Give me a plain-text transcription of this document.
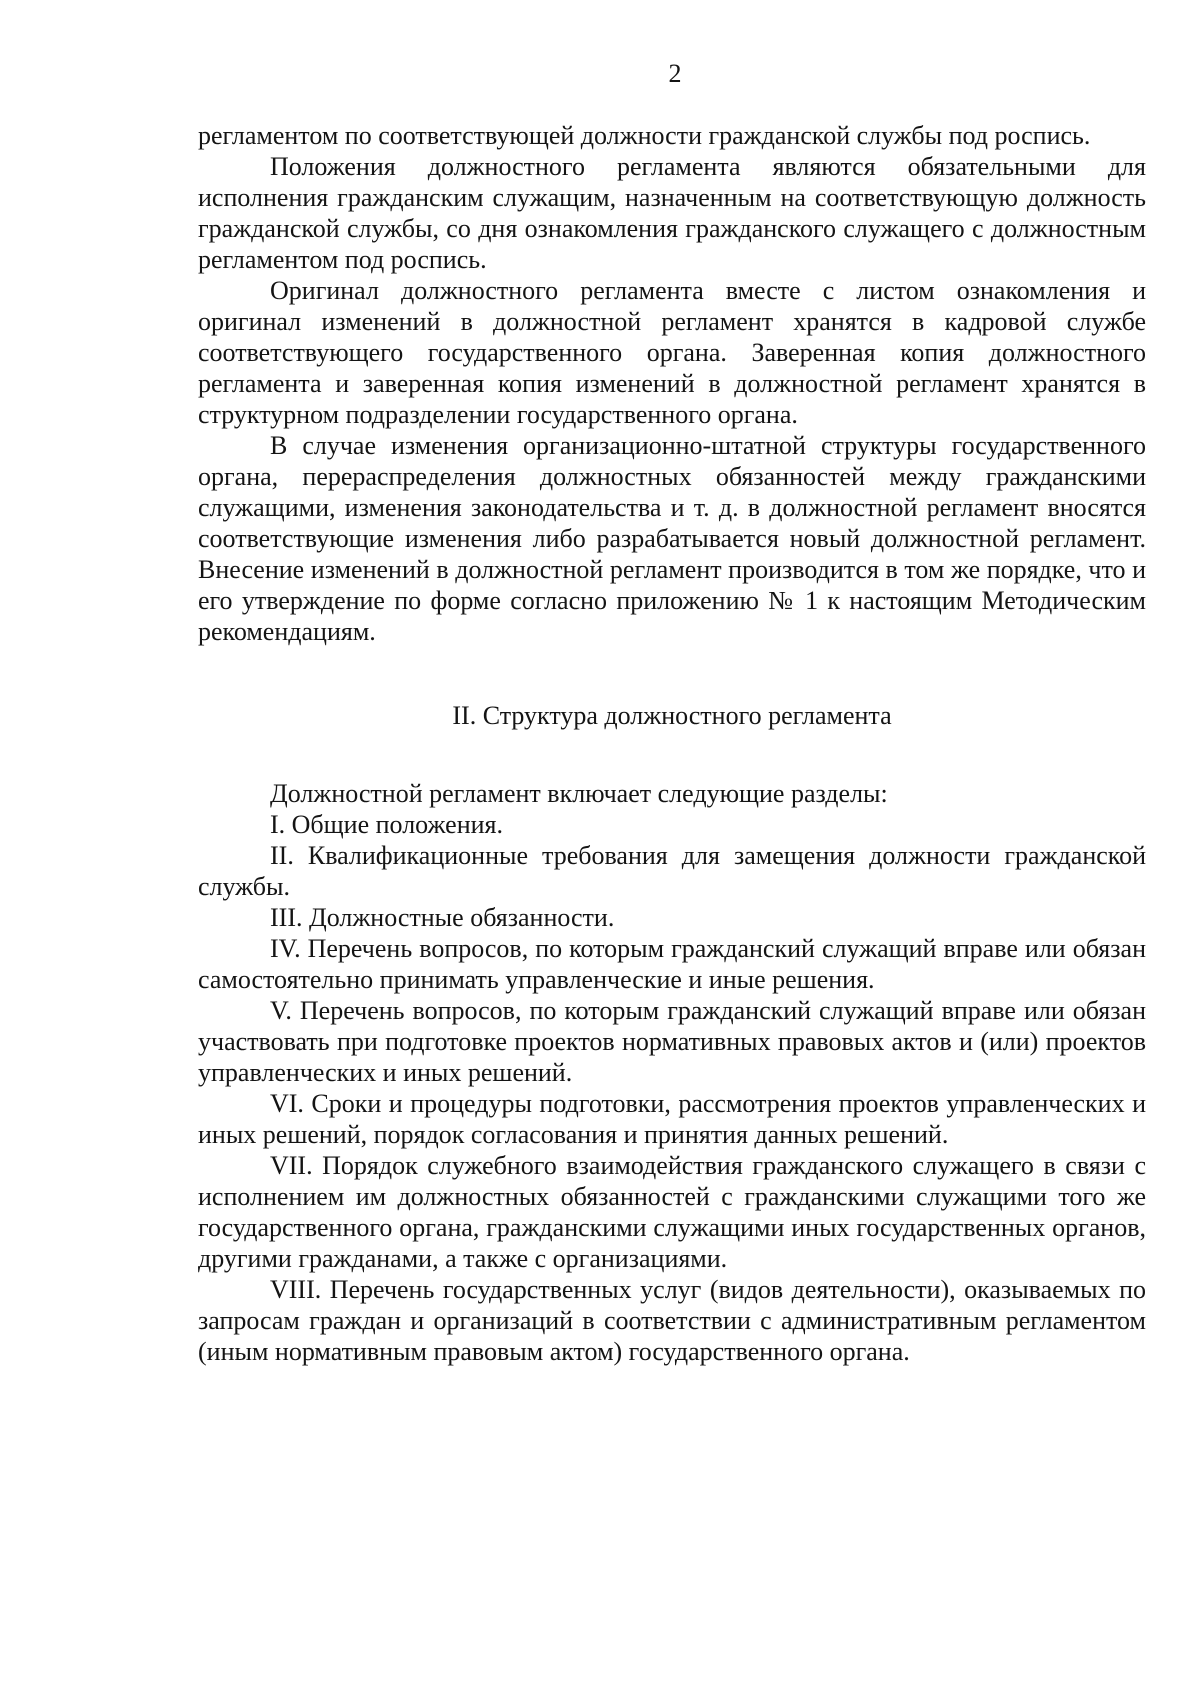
2

регламентом по соответствующей должности гражданской службы под роспись.

Положения должностного регламента являются обязательными для исполнения гражданским служащим, назначенным на соответствующую должность гражданской службы, со дня ознакомления гражданского служащего с должностным регламентом под роспись.

Оригинал должностного регламента вместе с листом ознакомления и оригинал изменений в должностной регламент хранятся в кадровой службе соответствующего государственного органа. Заверенная копия должностного регламента и заверенная копия изменений в должностной регламент хранятся в структурном подразделении государственного органа.

В случае изменения организационно-штатной структуры государственного органа, перераспределения должностных обязанностей между гражданскими служащими, изменения законодательства и т. д. в должностной регламент вносятся соответствующие изменения либо разрабатывается новый должностной регламент. Внесение изменений в должностной регламент производится в том же порядке, что и его утверждение по форме согласно приложению № 1 к настоящим Методическим рекомендациям.

II. Структура должностного регламента

Должностной регламент включает следующие разделы:

I. Общие положения.

II. Квалификационные требования для замещения должности гражданской службы.

III. Должностные обязанности.

IV. Перечень вопросов, по которым гражданский служащий вправе или обязан самостоятельно принимать управленческие и иные решения.

V. Перечень вопросов, по которым гражданский служащий вправе или обязан участвовать при подготовке проектов нормативных правовых актов и (или) проектов управленческих и иных решений.

VI. Сроки и процедуры подготовки, рассмотрения проектов управленческих и иных решений, порядок согласования и принятия данных решений.

VII. Порядок служебного взаимодействия гражданского служащего в связи с исполнением им должностных обязанностей с гражданскими служащими того же государственного органа, гражданскими служащими иных государственных органов, другими гражданами, а также с организациями.

VIII. Перечень государственных услуг (видов деятельности), оказываемых по запросам граждан и организаций в соответствии с административным регламентом (иным нормативным правовым актом) государственного органа.
